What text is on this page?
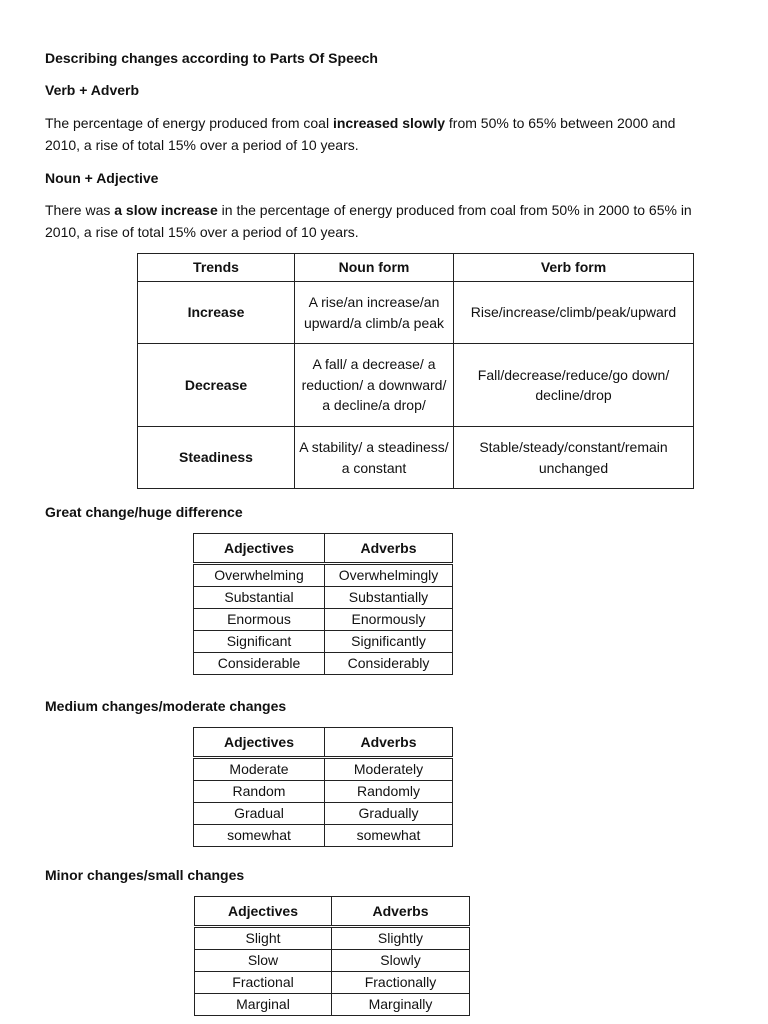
Describing changes according to Parts Of Speech
Verb + Adverb
The percentage of energy produced from coal increased slowly from 50% to 65% between 2000 and 2010, a rise of total 15% over a period of 10 years.
Noun + Adjective
There was a slow increase in the percentage of energy produced from coal from 50% in 2000 to 65% in 2010, a rise of total 15% over a period of 10 years.
Trends	Noun form	Verb form
Increase	A rise/an increase/an upward/a climb/a peak	Rise/increase/climb/peak/upward
Decrease	A fall/ a decrease/ a reduction/ a downward/ a decline/a drop/	Fall/decrease/reduce/go down/ decline/drop
Steadiness	A stability/ a steadiness/ a constant	Stable/steady/constant/remain unchanged
Great change/huge difference
Adjectives	Adverbs
Overwhelming	Overwhelmingly
Substantial	Substantially
Enormous	Enormously
Significant	Significantly
Considerable	Considerably
Medium changes/moderate changes
Adjectives	Adverbs
Moderate	Moderately
Random	Randomly
Gradual	Gradually
somewhat	somewhat
Minor changes/small changes
Adjectives	Adverbs
Slight	Slightly
Slow	Slowly
Fractional	Fractionally
Marginal	Marginally
